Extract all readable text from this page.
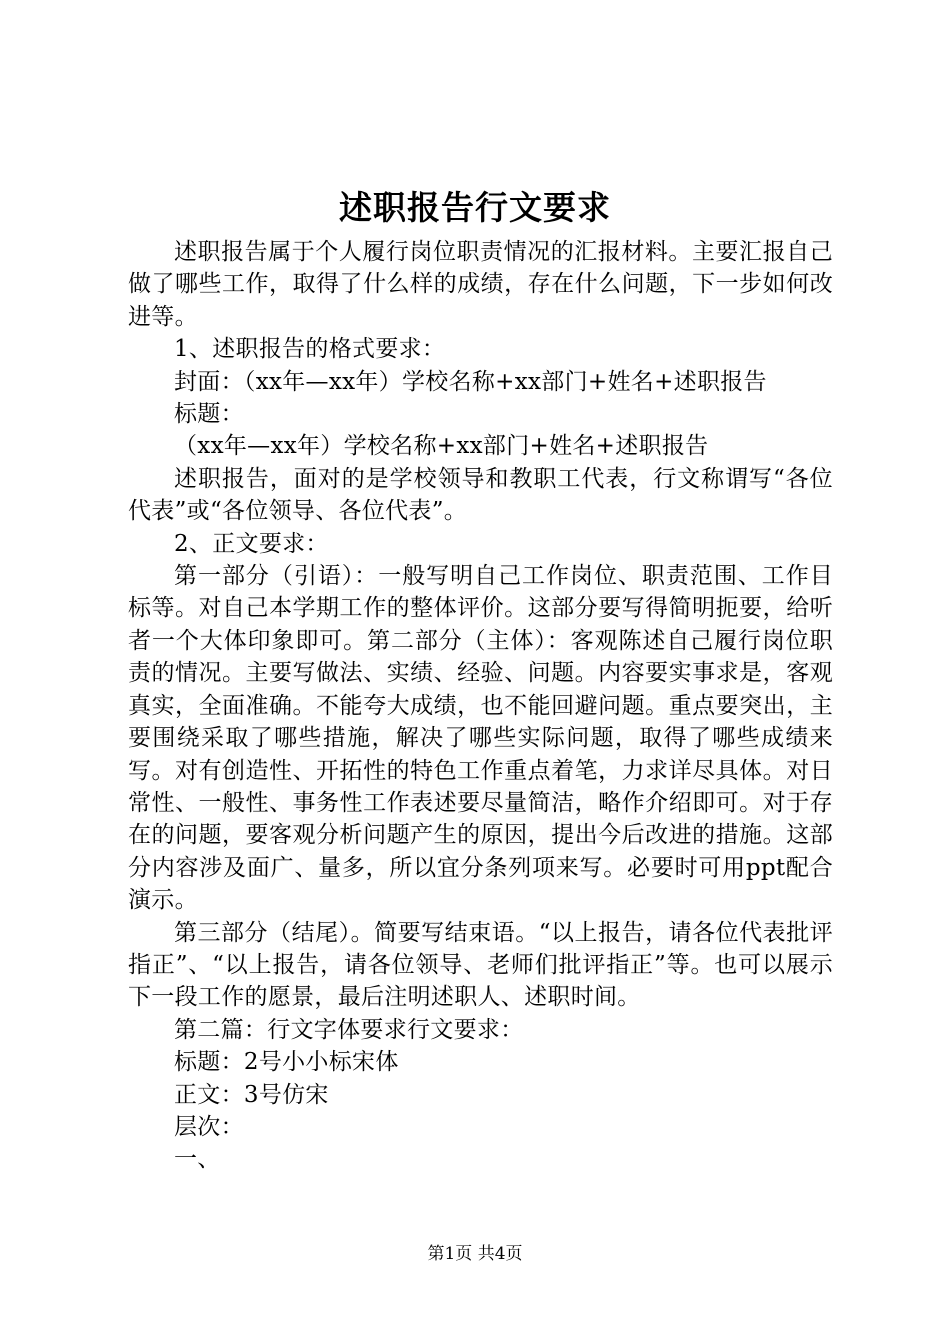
述职报告行文要求

述职报告属于个人履行岗位职责情况的汇报材料。主要汇报自己做了哪些工作，取得了什么样的成绩，存在什么问题，下一步如何改进等。

1、述职报告的格式要求：

封面：（xx年—xx年）学校名称+xx部门+姓名+述职报告

标题：

（xx年—xx年）学校名称+xx部门+姓名+述职报告

述职报告，面对的是学校领导和教职工代表，行文称谓写“各位代表”或“各位领导、各位代表”。

2、正文要求：

第一部分（引语）：一般写明自己工作岗位、职责范围、工作目标等。对自己本学期工作的整体评价。这部分要写得简明扼要，给听者一个大体印象即可。第二部分（主体）：客观陈述自己履行岗位职责的情况。主要写做法、实绩、经验、问题。内容要实事求是，客观真实，全面准确。不能夸大成绩，也不能回避问题。重点要突出，主要围绕采取了哪些措施，解决了哪些实际问题，取得了哪些成绩来写。对有创造性、开拓性的特色工作重点着笔，力求详尽具体。对日常性、一般性、事务性工作表述要尽量简洁，略作介绍即可。对于存在的问题，要客观分析问题产生的原因，提出今后改进的措施。这部分内容涉及面广、量多，所以宜分条列项来写。必要时可用ppt配合演示。

第三部分（结尾）。简要写结束语。“以上报告，请各位代表批评指正”、“以上报告，请各位领导、老师们批评指正”等。也可以展示下一段工作的愿景，最后注明述职人、述职时间。

第二篇：行文字体要求行文要求：

标题：2号小小标宋体

正文：3号仿宋

层次：

一、

第1页 共4页
